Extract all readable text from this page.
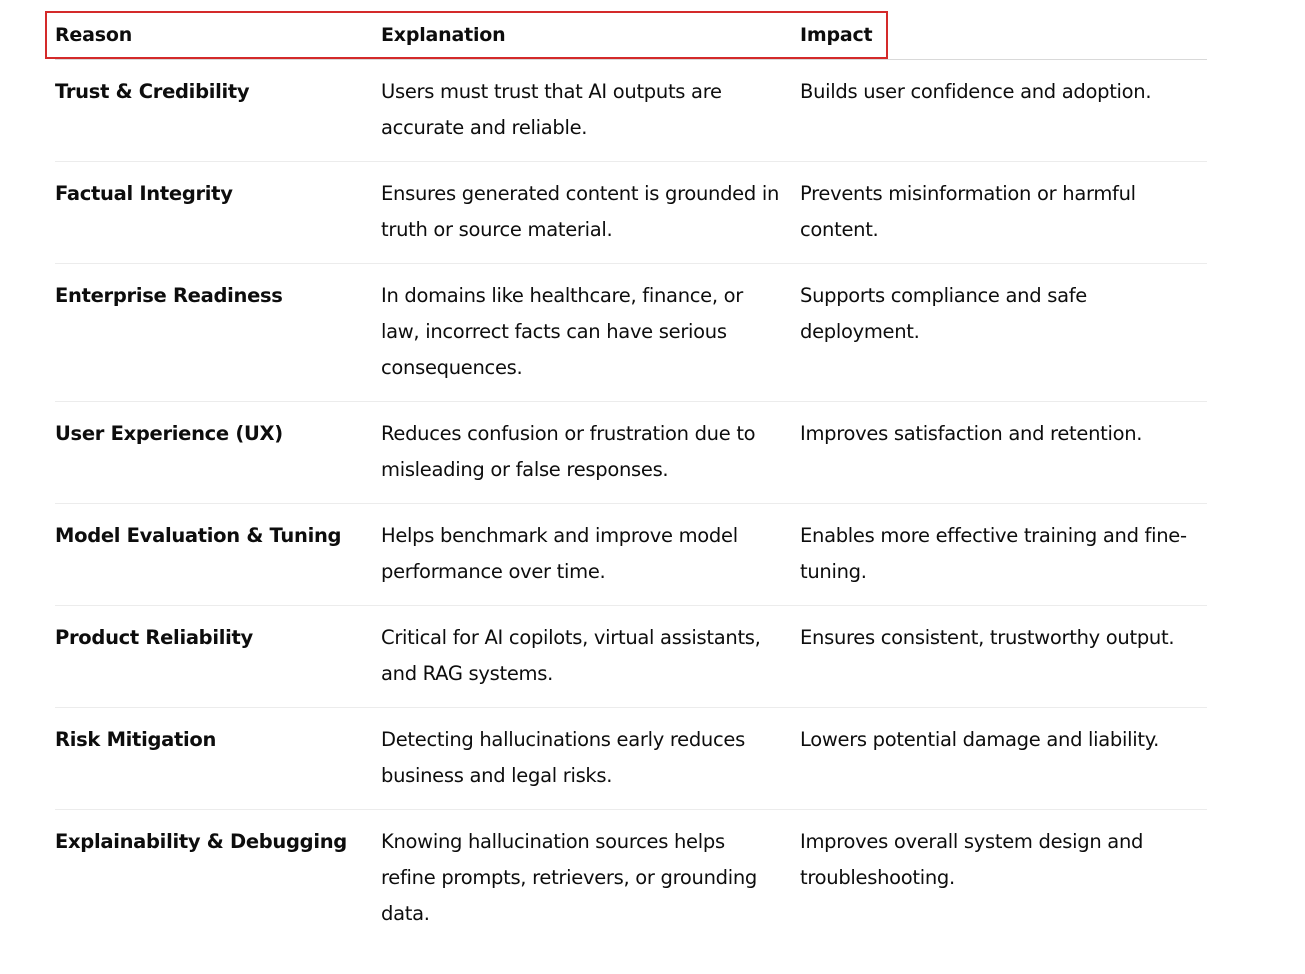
Reason	Explanation	Impact
Trust & Credibility	Users must trust that AI outputs are accurate and reliable.	Builds user confidence and adoption.
Factual Integrity	Ensures generated content is grounded in truth or source material.	Prevents misinformation or harmful content.
Enterprise Readiness	In domains like healthcare, finance, or law, incorrect facts can have serious consequences.	Supports compliance and safe deployment.
User Experience (UX)	Reduces confusion or frustration due to misleading or false responses.	Improves satisfaction and retention.
Model Evaluation & Tuning	Helps benchmark and improve model performance over time.	Enables more effective training and fine-tuning.
Product Reliability	Critical for AI copilots, virtual assistants, and RAG systems.	Ensures consistent, trustworthy output.
Risk Mitigation	Detecting hallucinations early reduces business and legal risks.	Lowers potential damage and liability.
Explainability & Debugging	Knowing hallucination sources helps refine prompts, retrievers, or grounding data.	Improves overall system design and troubleshooting.
